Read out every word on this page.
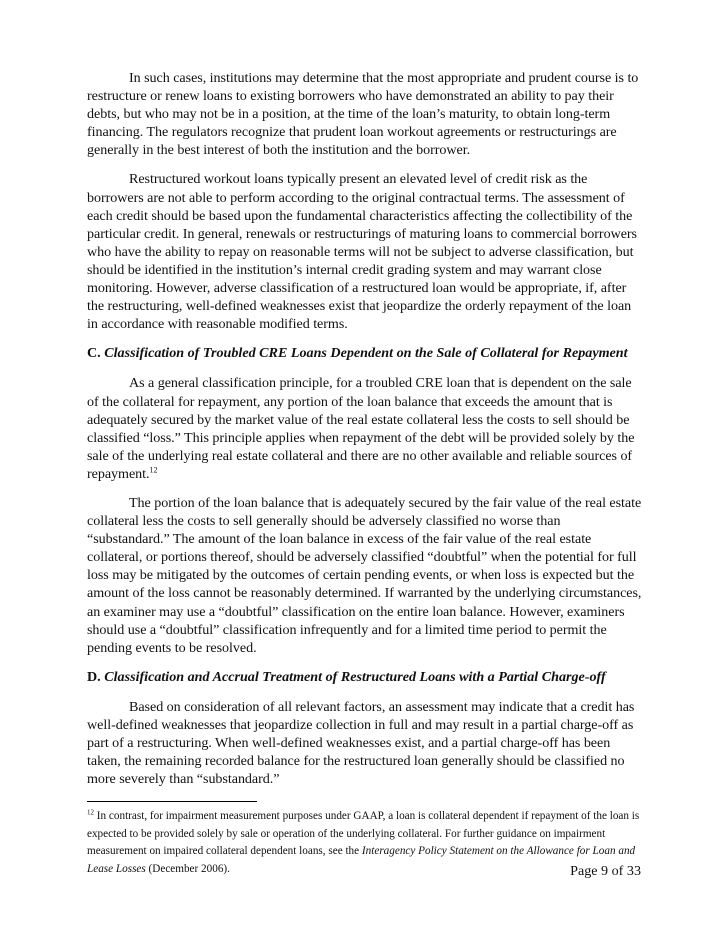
In such cases, institutions may determine that the most appropriate and prudent course is to restructure or renew loans to existing borrowers who have demonstrated an ability to pay their debts, but who may not be in a position, at the time of the loan’s maturity, to obtain long-term financing. The regulators recognize that prudent loan workout agreements or restructurings are generally in the best interest of both the institution and the borrower.

Restructured workout loans typically present an elevated level of credit risk as the borrowers are not able to perform according to the original contractual terms. The assessment of each credit should be based upon the fundamental characteristics affecting the collectibility of the particular credit. In general, renewals or restructurings of maturing loans to commercial borrowers who have the ability to repay on reasonable terms will not be subject to adverse classification, but should be identified in the institution’s internal credit grading system and may warrant close monitoring. However, adverse classification of a restructured loan would be appropriate, if, after the restructuring, well-defined weaknesses exist that jeopardize the orderly repayment of the loan in accordance with reasonable modified terms.

C. Classification of Troubled CRE Loans Dependent on the Sale of Collateral for Repayment

As a general classification principle, for a troubled CRE loan that is dependent on the sale of the collateral for repayment, any portion of the loan balance that exceeds the amount that is adequately secured by the market value of the real estate collateral less the costs to sell should be classified “loss.” This principle applies when repayment of the debt will be provided solely by the sale of the underlying real estate collateral and there are no other available and reliable sources of repayment.$^{12}$

The portion of the loan balance that is adequately secured by the fair value of the real estate collateral less the costs to sell generally should be adversely classified no worse than “substandard.” The amount of the loan balance in excess of the fair value of the real estate collateral, or portions thereof, should be adversely classified “doubtful” when the potential for full loss may be mitigated by the outcomes of certain pending events, or when loss is expected but the amount of the loss cannot be reasonably determined. If warranted by the underlying circumstances, an examiner may use a “doubtful” classification on the entire loan balance. However, examiners should use a “doubtful” classification infrequently and for a limited time period to permit the pending events to be resolved.

D. Classification and Accrual Treatment of Restructured Loans with a Partial Charge-off

Based on consideration of all relevant factors, an assessment may indicate that a credit has well-defined weaknesses that jeopardize collection in full and may result in a partial charge-off as part of a restructuring. When well-defined weaknesses exist, and a partial charge-off has been taken, the remaining recorded balance for the restructured loan generally should be classified no more severely than “substandard.”

$^{12}$ In contrast, for impairment measurement purposes under GAAP, a loan is collateral dependent if repayment of the loan is expected to be provided solely by sale or operation of the underlying collateral. For further guidance on impairment measurement on impaired collateral dependent loans, see the Interagency Policy Statement on the Allowance for Loan and Lease Losses (December 2006).	Page 9 of 33
